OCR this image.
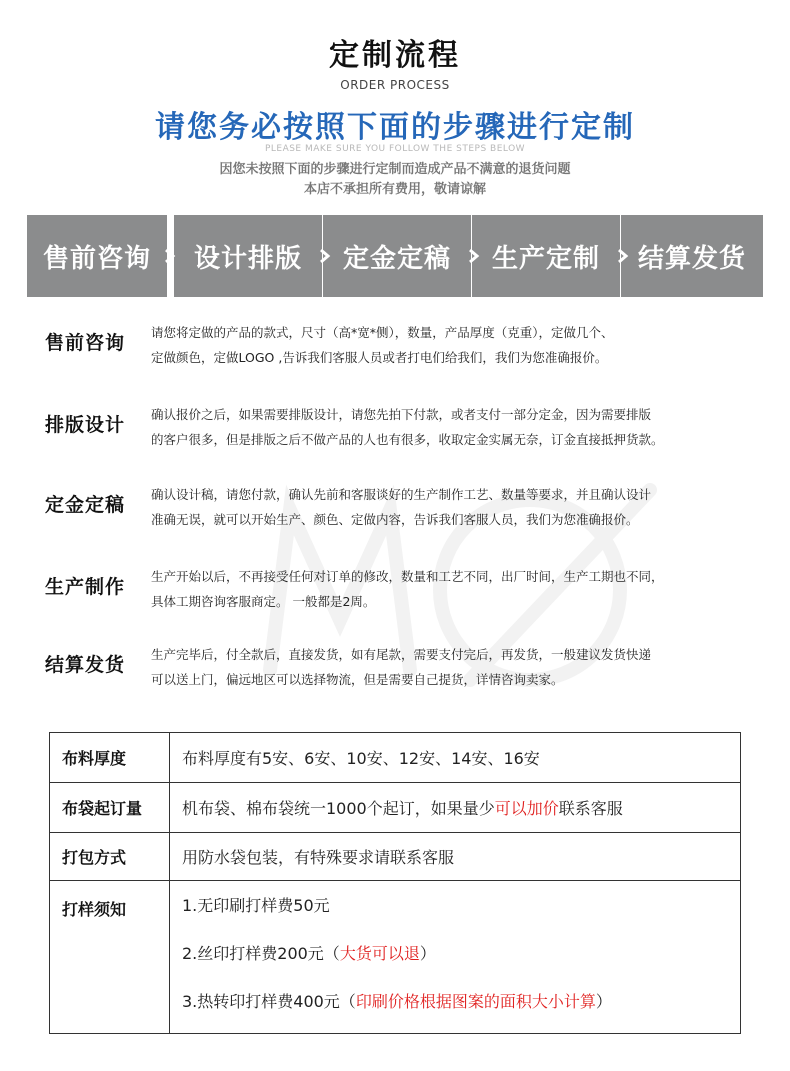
定制流程
ORDER PROCESS
请您务必按照下面的步骤进行定制
PLEASE MAKE SURE YOU FOLLOW THE STEPS BELOW
因您未按照下面的步骤进行定制而造成产品不满意的退货问题
本店不承担所有费用，敬请谅解
售前咨询	设计排版	定金定稿	生产定制	结算发货
售前咨询 请您将定做的产品的款式，尺寸（高*宽*侧），数量，产品厚度（克重），定做几个、
定做颜色，定做LOGO ,告诉我们客服人员或者打电们给我们，我们为您准确报价。
排版设计 确认报价之后，如果需要排版设计，请您先拍下付款，或者支付一部分定金，因为需要排版
的客户很多，但是排版之后不做产品的人也有很多，收取定金实属无奈，订金直接抵押货款。
定金定稿 确认设计稿，请您付款，确认先前和客服谈好的生产制作工艺、数量等要求，并且确认设计
准确无误，就可以开始生产、颜色、定做内容，告诉我们客服人员，我们为您准确报价。
生产制作 生产开始以后，不再接受任何对订单的修改，数量和工艺不同，出厂时间，生产工期也不同，
具体工期咨询客服商定。 一般都是2周。
结算发货 生产完毕后，付全款后，直接发货，如有尾款，需要支付完后，再发货，一般建议发货快递
可以送上门，偏远地区可以选择物流，但是需要自己提货，详情咨询卖家。
布料厚度	布料厚度有5安、6安、10安、12安、14安、16安
布袋起订量	机布袋、棉布袋统一1000个起订，如果量少可以加价联系客服
打包方式	用防水袋包装，有特殊要求请联系客服
打样须知	1.无印刷打样费50元
2.丝印打样费200元（大货可以退）
3.热转印打样费400元（印刷价格根据图案的面积大小计算）
